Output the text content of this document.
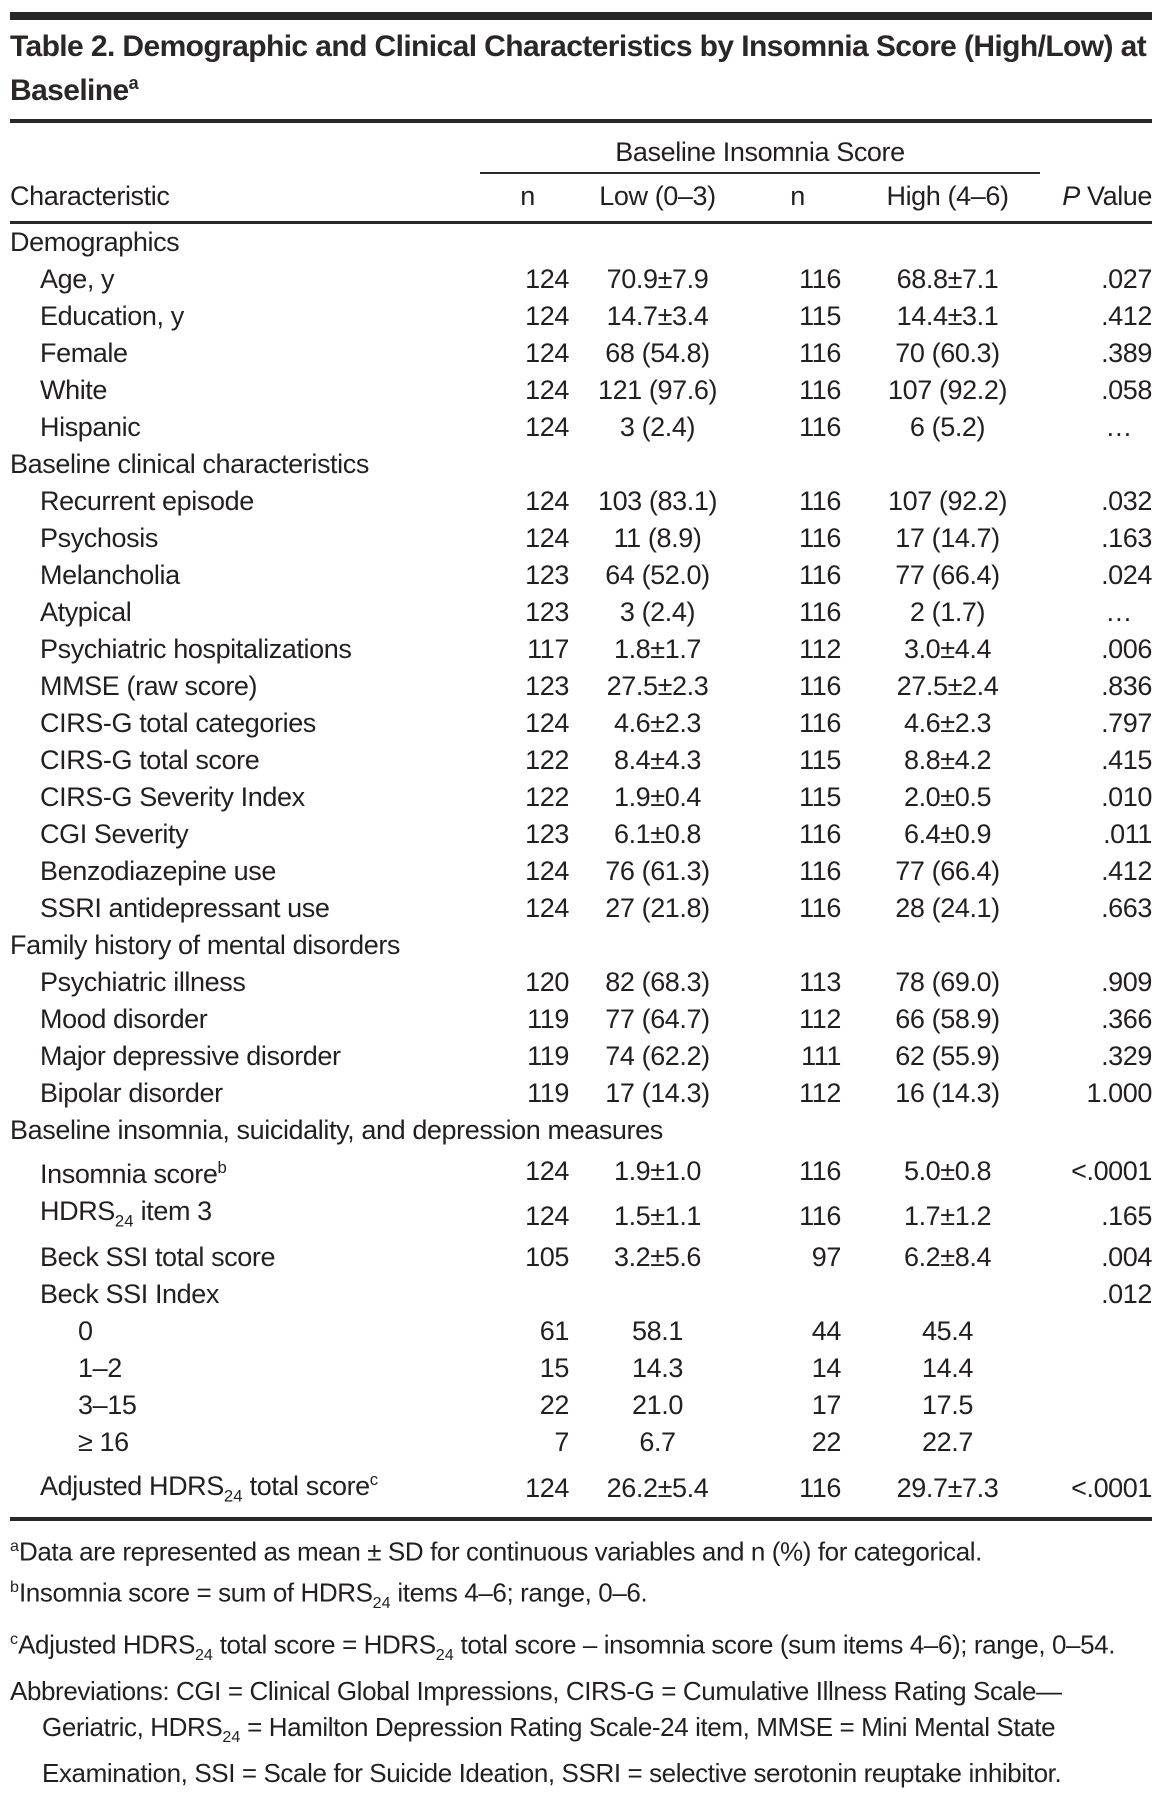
Table 2. Demographic and Clinical Characteristics by Insomnia Score (High/Low) at Baseline$^a$
	Baseline Insomnia Score				
Characteristic	n	Low (0–3)	n	High (4–6)	P Value
Demographics					
Age, y	124	70.9±7.9	116	68.8±7.1	.027
Education, y	124	14.7±3.4	115	14.4±3.1	.412
Female	124	68 (54.8)	116	70 (60.3)	.389
White	124	121 (97.6)	116	107 (92.2)	.058
Hispanic	124	3 (2.4)	116	6 (5.2)	…
Baseline clinical characteristics					
Recurrent episode	124	103 (83.1)	116	107 (92.2)	.032
Psychosis	124	11 (8.9)	116	17 (14.7)	.163
Melancholia	123	64 (52.0)	116	77 (66.4)	.024
Atypical	123	3 (2.4)	116	2 (1.7)	…
Psychiatric hospitalizations	117	1.8±1.7	112	3.0±4.4	.006
MMSE (raw score)	123	27.5±2.3	116	27.5±2.4	.836
CIRS-G total categories	124	4.6±2.3	116	4.6±2.3	.797
CIRS-G total score	122	8.4±4.3	115	8.8±4.2	.415
CIRS-G Severity Index	122	1.9±0.4	115	2.0±0.5	.010
CGI Severity	123	6.1±0.8	116	6.4±0.9	.011
Benzodiazepine use	124	76 (61.3)	116	77 (66.4)	.412
SSRI antidepressant use	124	27 (21.8)	116	28 (24.1)	.663
Family history of mental disorders					
Psychiatric illness	120	82 (68.3)	113	78 (69.0)	.909
Mood disorder	119	77 (64.7)	112	66 (58.9)	.366
Major depressive disorder	119	74 (62.2)	111	62 (55.9)	.329
Bipolar disorder	119	17 (14.3)	112	16 (14.3)	1.000
Baseline insomnia, suicidality, and depression measures					
Insomnia score$^b$	124	1.9±1.0	116	5.0±0.8	<.0001
$HDRS_{24}$ item 3	124	1.5±1.1	116	1.7±1.2	.165
Beck SSI total score	105	3.2±5.6	97	6.2±8.4	.004
Beck SSI Index					.012
0	61	58.1	44	45.4	
1–2	15	14.3	14	14.4	
3–15	22	21.0	17	17.5	
≥ 16	7	6.7	22	22.7	
Adjusted $HDRS_{24}$ total score$^c$	124	26.2±5.4	116	29.7±7.3	<.0001

$^a$Data are represented as mean ± SD for continuous variables and n (%) for categorical.

$^b$Insomnia score = sum of $HDRS_{24}$ items 4–6; range, 0–6.

$^c$Adjusted $HDRS_{24}$ total score = $HDRS_{24}$ total score – insomnia score (sum items 4–6); range, 0–54.

Abbreviations: CGI = Clinical Global Impressions, CIRS-G = Cumulative Illness Rating Scale—Geriatric, $HDRS_{24}$ = Hamilton Depression Rating Scale-24 item, MMSE = Mini Mental State Examination, SSI = Scale for Suicide Ideation, SSRI = selective serotonin reuptake inhibitor.
